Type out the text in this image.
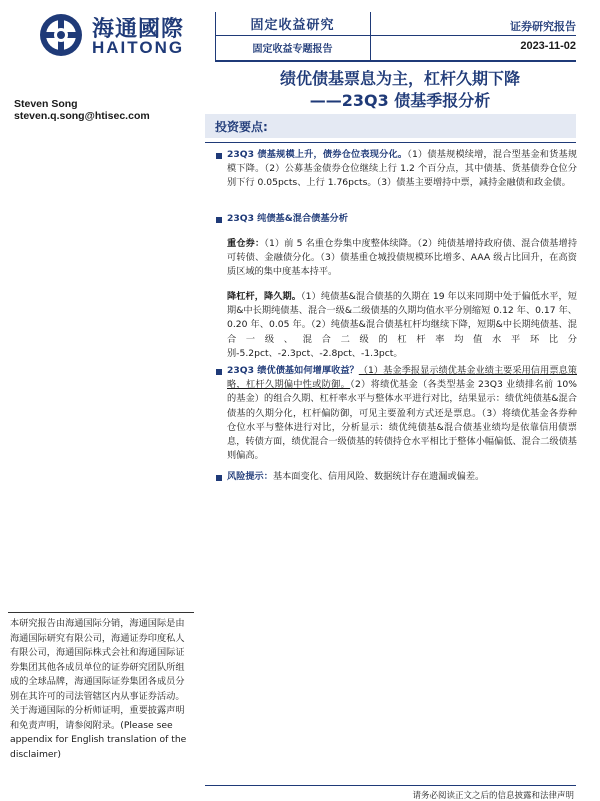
海通國際
HAITONG
固定收益研究
固定收益专题报告
证券研究报告
2023-11-02
绩优债基票息为主，杠杆久期下降
——23Q3 债基季报分析
Steven Song
steven.q.song@htisec.com
投资要点:
23Q3 债基规模上升，债券仓位表现分化。（1）债基规模续增，混合型基金和货基规模下降。（2）公募基金债券仓位继续上行 1.2 个百分点，其中债基、货基债券仓位分别下行 0.05pcts、上行 1.76pcts。（3）债基主要增持中票，减持金融债和政金债。
23Q3 纯债基&混合债基分析
重仓券：（1）前 5 名重仓券集中度整体续降。（2）纯债基增持政府债、混合债基增持可转债、金融债分化。（3）债基重仓城投债规模环比增多、AAA 级占比回升，在高资质区域的集中度基本持平。
降杠杆，降久期。（1）纯债基&混合债基的久期在 19 年以来同期中处于偏低水平，短期&中长期纯债基、混合一级&二级债基的久期均值水平分别缩短 0.12 年、0.17 年、0.20 年、0.05 年。（2）纯债基&混合债基杠杆均继续下降，短期&中长期纯债基、混合一级、混合二级的杠杆率均值水平环比分别-5.2pct、-2.3pct、-2.8pct、-1.3pct。
23Q3 绩优债基如何增厚收益？（1）基金季报显示绩优基金业绩主要采用信用票息策略，杠杆久期偏中性或防御。（2）将绩优基金（各类型基金 23Q3 业绩排名前 10% 的基金）的组合久期、杠杆率水平与整体水平进行对比，结果显示：绩优纯债基&混合债基的久期分化，杠杆偏防御，可见主要盈利方式还是票息。（3）将绩优基金各券种仓位水平与整体进行对比，分析显示：绩优纯债基&混合债基业绩均是依靠信用债票息，转债方面，绩优混合一级债基的转债持仓水平相比于整体小幅偏低、混合二级债基则偏高。
风险提示：基本面变化、信用风险、数据统计存在遗漏或偏差。
本研究报告由海通国际分销，海通国际是由海通国际研究有限公司，海通证券印度私人有限公司，海通国际株式会社和海通国际证券集团其他各成员单位的证券研究团队所组成的全球品牌，海通国际证券集团各成员分别在其许可的司法管辖区内从事证券活动。关于海通国际的分析师证明，重要披露声明和免责声明，请参阅附录。(Please see appendix for English translation of the disclaimer)
请务必阅读正文之后的信息披露和法律声明
